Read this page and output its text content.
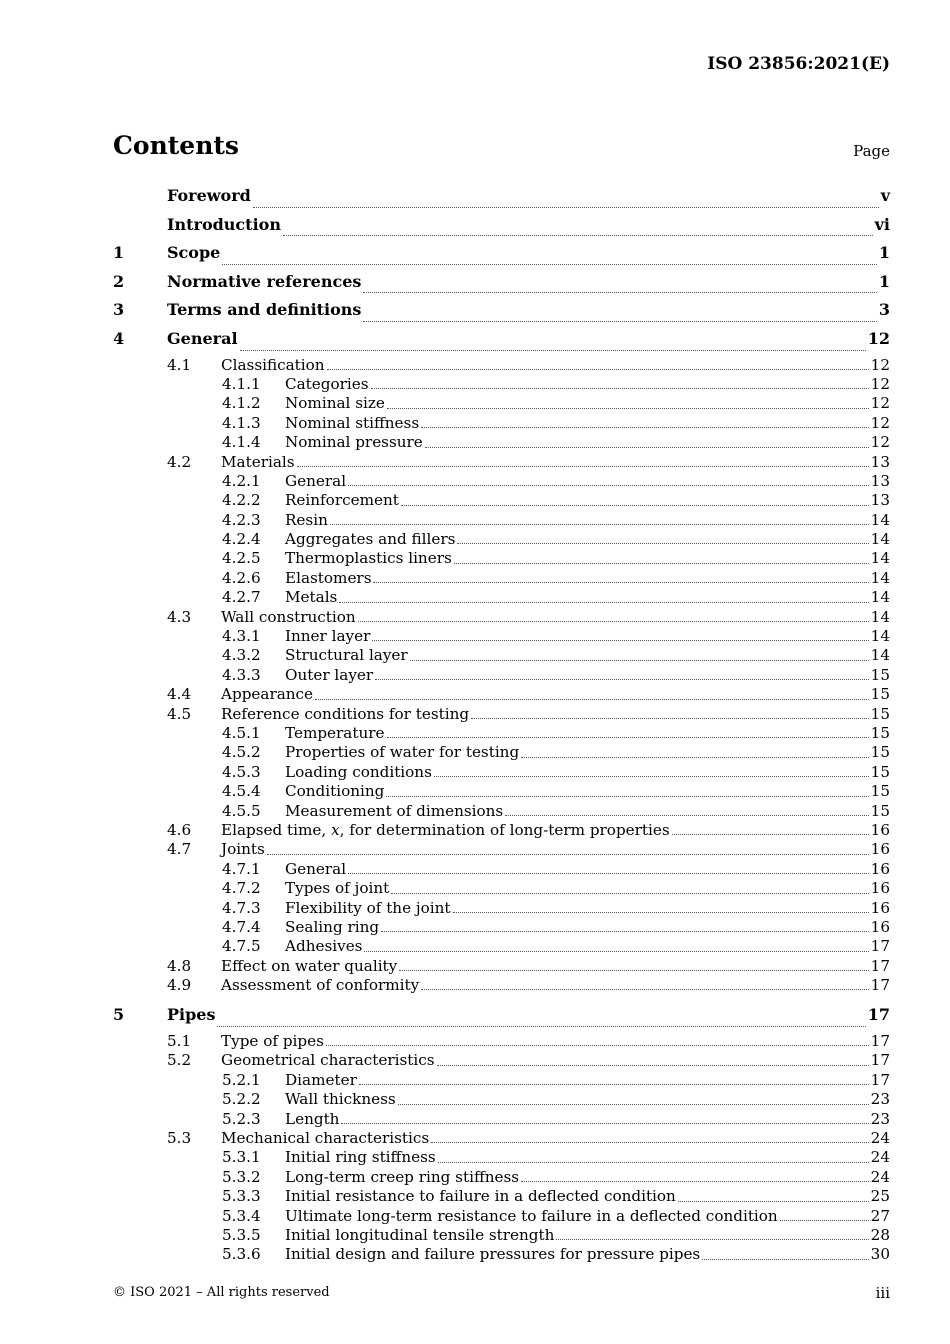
ISO 23856:2021(E)
Contents	Page
Foreword	v
Introduction	vi
1	Scope	1
2	Normative references	1
3	Terms and definitions	3
4	General	12
4.1	Classification	12
4.1.1	Categories	12
4.1.2	Nominal size	12
4.1.3	Nominal stiffness	12
4.1.4	Nominal pressure	12
4.2	Materials	13
4.2.1	General	13
4.2.2	Reinforcement	13
4.2.3	Resin	14
4.2.4	Aggregates and fillers	14
4.2.5	Thermoplastics liners	14
4.2.6	Elastomers	14
4.2.7	Metals	14
4.3	Wall construction	14
4.3.1	Inner layer	14
4.3.2	Structural layer	14
4.3.3	Outer layer	15
4.4	Appearance	15
4.5	Reference conditions for testing	15
4.5.1	Temperature	15
4.5.2	Properties of water for testing	15
4.5.3	Loading conditions	15
4.5.4	Conditioning	15
4.5.5	Measurement of dimensions	15
4.6	Elapsed time, x, for determination of long-term properties	16
4.7	Joints	16
4.7.1	General	16
4.7.2	Types of joint	16
4.7.3	Flexibility of the joint	16
4.7.4	Sealing ring	16
4.7.5	Adhesives	17
4.8	Effect on water quality	17
4.9	Assessment of conformity	17
5	Pipes	17
5.1	Type of pipes	17
5.2	Geometrical characteristics	17
5.2.1	Diameter	17
5.2.2	Wall thickness	23
5.2.3	Length	23
5.3	Mechanical characteristics	24
5.3.1	Initial ring stiffness	24
5.3.2	Long-term creep ring stiffness	24
5.3.3	Initial resistance to failure in a deflected condition	25
5.3.4	Ultimate long-term resistance to failure in a deflected condition	27
5.3.5	Initial longitudinal tensile strength	28
5.3.6	Initial design and failure pressures for pressure pipes	30
© ISO 2021 – All rights reserved	iii
